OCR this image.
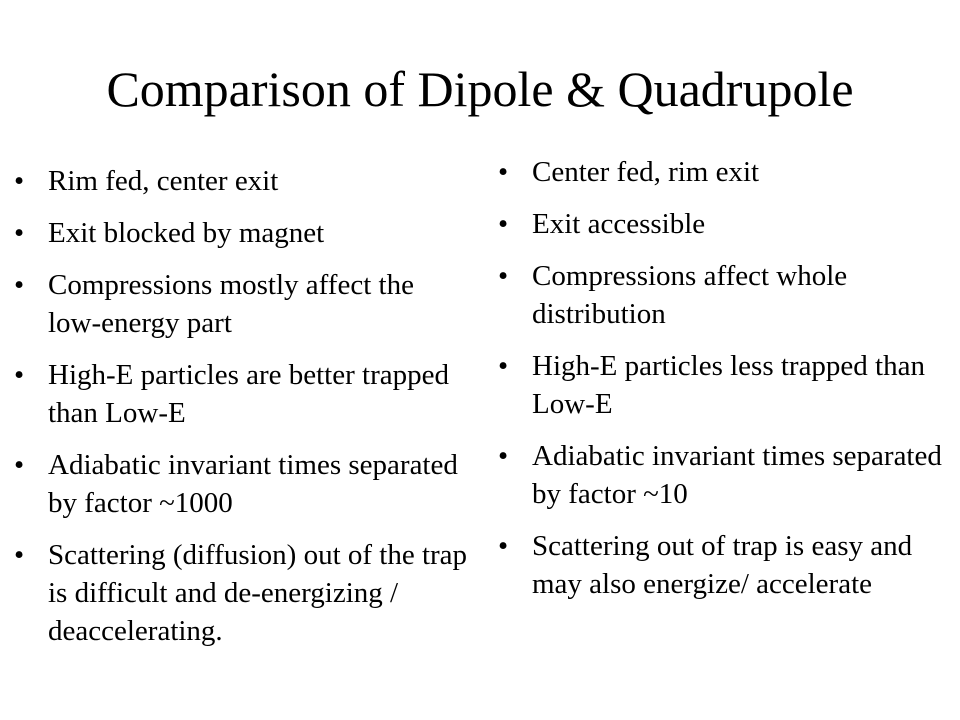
Comparison of Dipole & Quadrupole
• Rim fed, center exit
• Exit blocked by magnet
• Compressions mostly affect the low-energy part
• High-E particles are better trapped than Low-E
• Adiabatic invariant times separated by factor ~1000
• Scattering (diffusion) out of the trap is difficult and de-energizing / deaccelerating.
• Center fed, rim exit
• Exit accessible
• Compressions affect whole distribution
• High-E particles less trapped than Low-E
• Adiabatic invariant times separated by factor ~10
• Scattering out of trap is easy and may also energize/ accelerate
